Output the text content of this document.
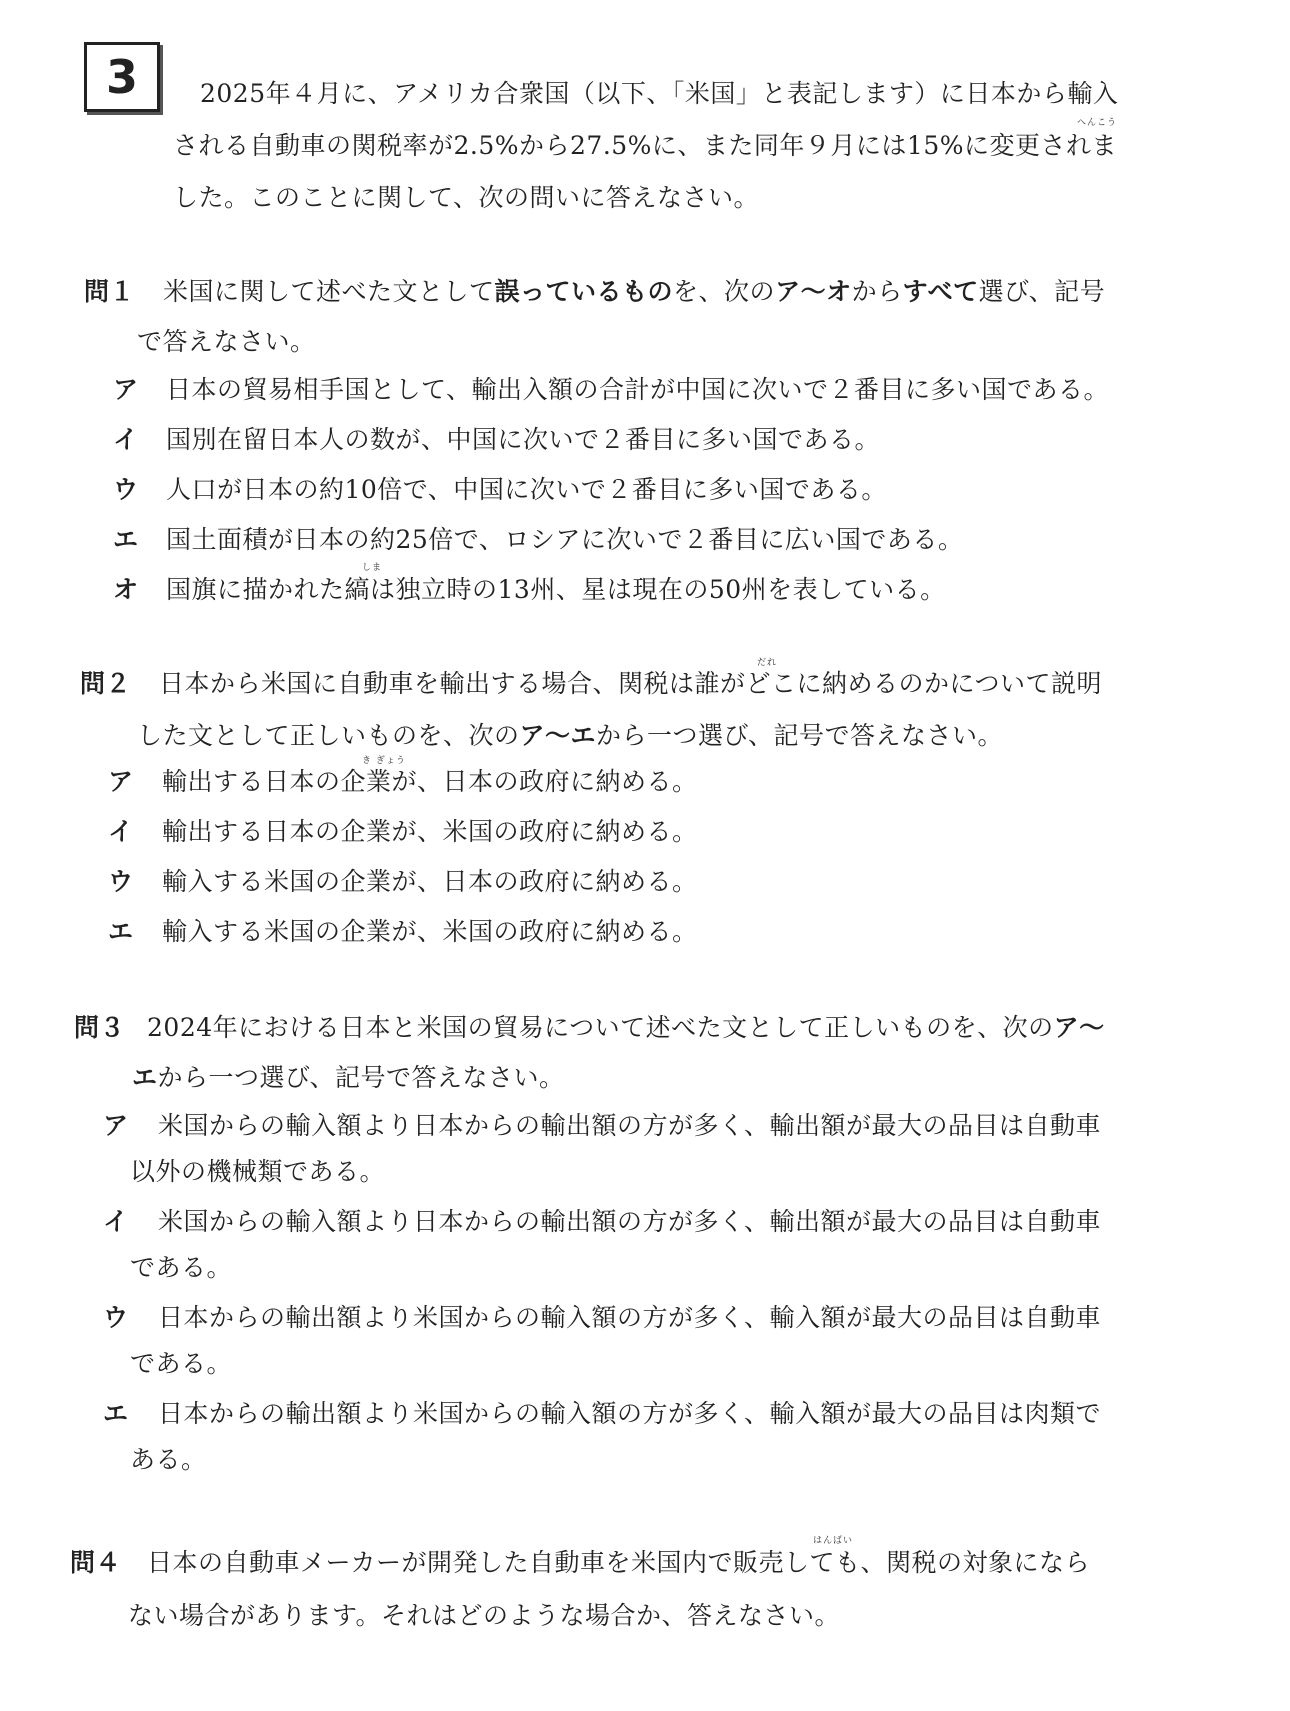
3
へんこう
2025年４月に、アメリカ合衆国（以下、「米国」と表記します）に日本から輸入
される自動車の関税率が2.5%から27.5%に、また同年９月には15%に変更されま
した。このことに関して、次の問いに答えなさい。
問１ 米国に関して述べた文として誤っているものを、次のア～オからすべて選び、記号
で答えなさい。
ア 日本の貿易相手国として、輸出入額の合計が中国に次いで２番目に多い国である。
イ 国別在留日本人の数が、中国に次いで２番目に多い国である。
ウ 人口が日本の約10倍で、中国に次いで２番目に多い国である。
エ 国土面積が日本の約25倍で、ロシアに次いで２番目に広い国である。
しま
オ 国旗に描かれた縞は独立時の13州、星は現在の50州を表している。
だれ
問２ 日本から米国に自動車を輸出する場合、関税は誰がどこに納めるのかについて説明
した文として正しいものを、次のア～エから一つ選び、記号で答えなさい。
き ぎょう
ア 輸出する日本の企業が、日本の政府に納める。
イ 輸出する日本の企業が、米国の政府に納める。
ウ 輸入する米国の企業が、日本の政府に納める。
エ 輸入する米国の企業が、米国の政府に納める。
問３ 2024年における日本と米国の貿易について述べた文として正しいものを、次のア～
エから一つ選び、記号で答えなさい。
ア 米国からの輸入額より日本からの輸出額の方が多く、輸出額が最大の品目は自動車
以外の機械類である。
イ 米国からの輸入額より日本からの輸出額の方が多く、輸出額が最大の品目は自動車
である。
ウ 日本からの輸出額より米国からの輸入額の方が多く、輸入額が最大の品目は自動車
である。
エ 日本からの輸出額より米国からの輸入額の方が多く、輸入額が最大の品目は肉類で
ある。
はんばい
問４ 日本の自動車メーカーが開発した自動車を米国内で販売しても、関税の対象になら
ない場合があります。それはどのような場合か、答えなさい。
